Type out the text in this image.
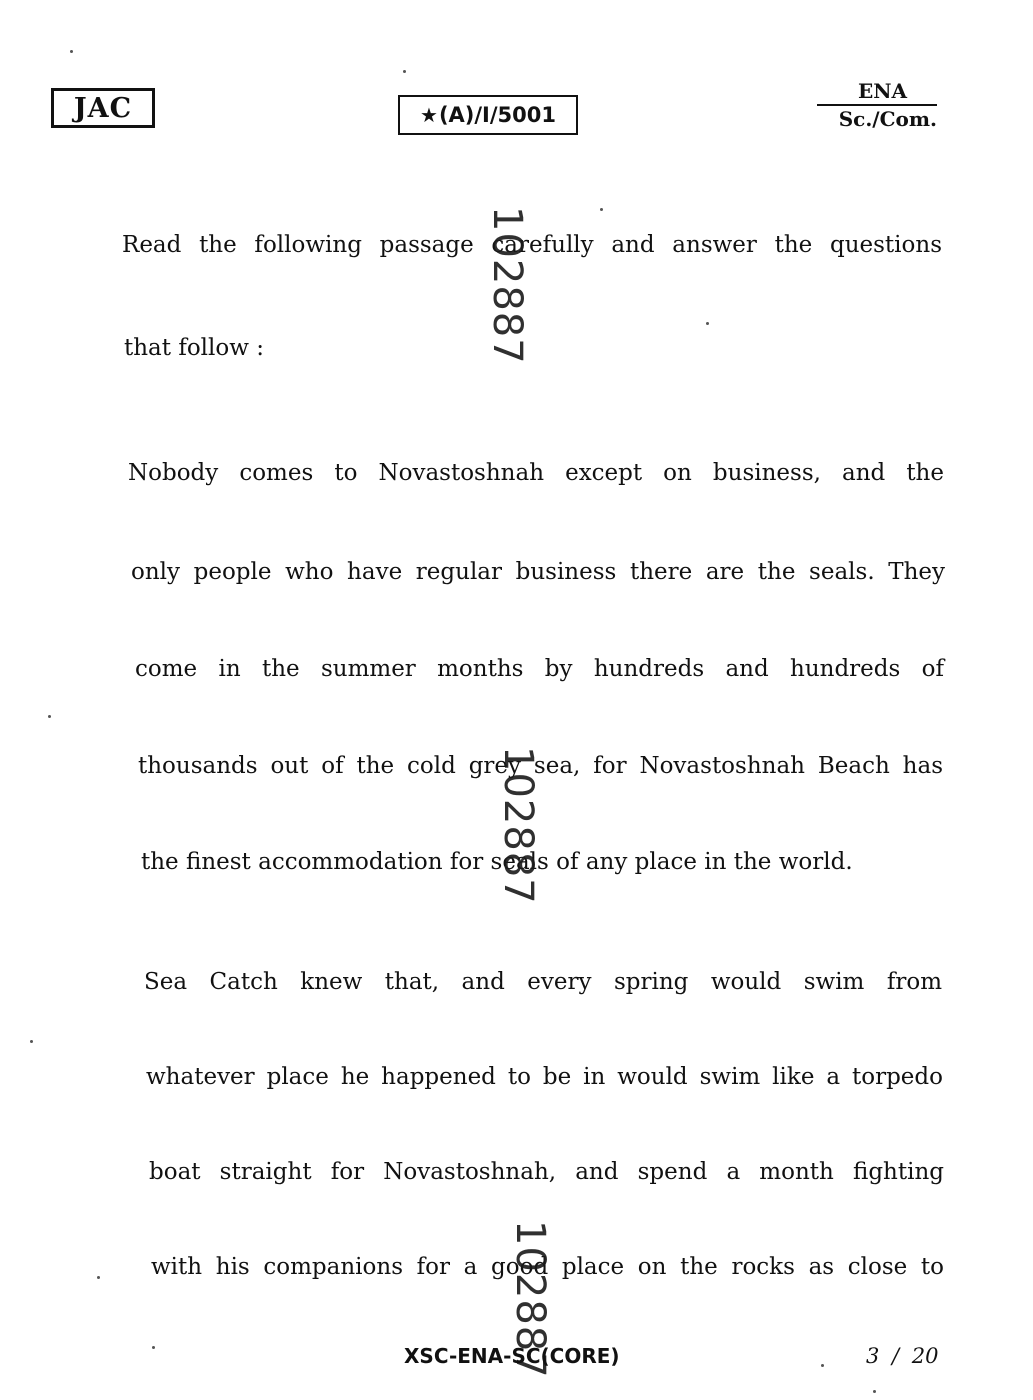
JAC	★ (A)/I/5001
ENA
Sc./Com.
Read the following passage carefully and answer the questions
that follow :
Nobody comes to Novastoshnah except on business, and the
only people who have regular business there are the seals. They
come in the summer months by hundreds and hundreds of
thousands out of the cold grey sea, for Novastoshnah Beach has
the finest accommodation for seals of any place in the world.
Sea Catch knew that, and every spring would swim from
whatever place he happened to be in would swim like a torpedo
boat straight for Novastoshnah, and spend a month fighting
with his companions for a good place on the rocks as close to
102887
102887
102887
XSC-ENA-SC(CORE)	3 / 20
